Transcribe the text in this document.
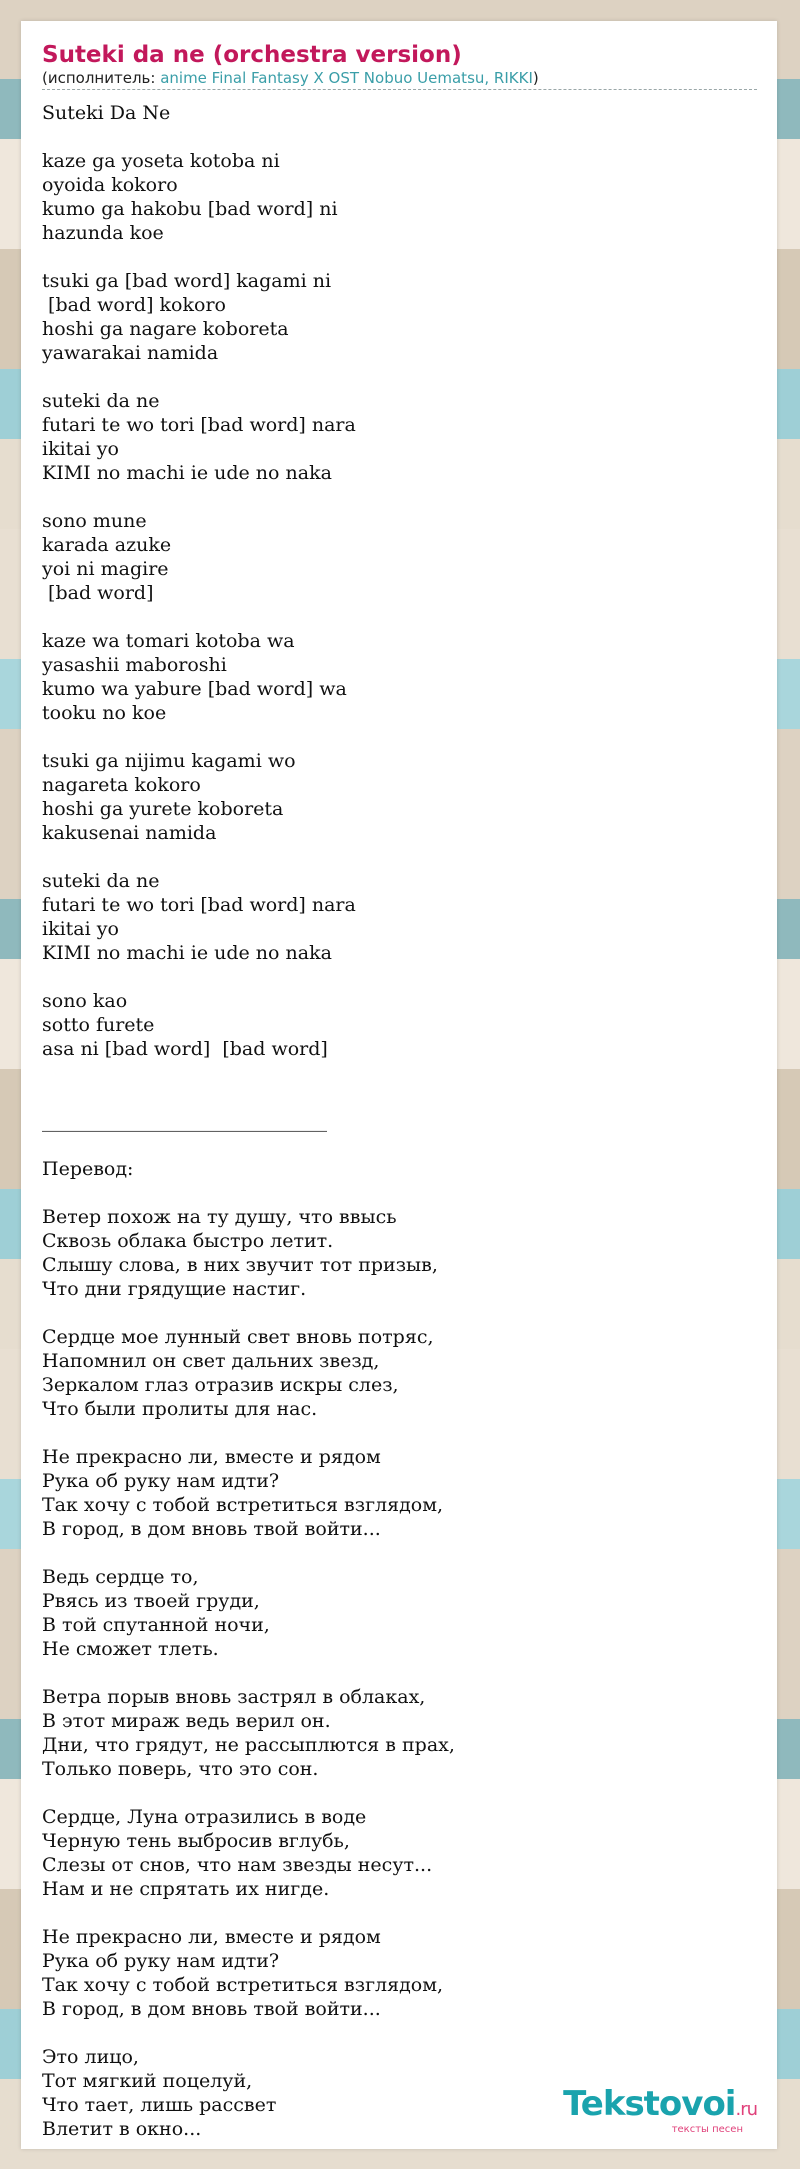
Suteki da ne (orchestra version)
(исполнитель: anime Final Fantasy X OST Nobuo Uematsu, RIKKI)
Suteki Da Ne
kaze ga yoseta kotoba ni
oyoida kokoro
kumo ga hakobu [bad word] ni
hazunda koe
tsuki ga [bad word] kagami ni
[bad word] kokoro
hoshi ga nagare koboreta
yawarakai namida
suteki da ne
futari te wo tori [bad word] nara
ikitai yo
KIMI no machi ie ude no naka
sono mune
karada azuke
yoi ni magire
[bad word]
kaze wa tomari kotoba wa
yasashii maboroshi
kumo wa yabure [bad word] wa
tooku no koe
tsuki ga nijimu kagami wo
nagareta kokoro
hoshi ga yurete koboreta
kakusenai namida
suteki da ne
futari te wo tori [bad word] nara
ikitai yo
KIMI no machi ie ude no naka
sono kao
sotto furete
asa ni [bad word]  [bad word]
______________________________
Перевод:
Ветер похож на ту душу, что ввысь
Сквозь облака быстро летит.
Слышу слова, в них звучит тот призыв,
Что дни грядущие настиг.
Сердце мое лунный свет вновь потряс,
Напомнил он свет дальних звезд,
Зеркалом глаз отразив искры слез,
Что были пролиты для нас.
Не прекрасно ли, вместе и рядом
Рука об руку нам идти?
Так хочу с тобой встретиться взглядом,
В город, в дом вновь твой войти...
Ведь сердце то,
Рвясь из твоей груди,
В той спутанной ночи,
Не сможет тлеть.
Ветра порыв вновь застрял в облаках,
В этот мираж ведь верил он.
Дни, что грядут, не рассыплются в прах,
Только поверь, что это сон.
Сердце, Луна отразились в воде
Черную тень выбросив вглубь,
Слезы от снов, что нам звезды несут...
Нам и не спрятать их нигде.
Не прекрасно ли, вместе и рядом
Рука об руку нам идти?
Так хочу с тобой встретиться взглядом,
В город, в дом вновь твой войти...
Это лицо,
Тот мягкий поцелуй,
Что тает, лишь рассвет
Влетит в окно...
Tekstovoi.ru
тексты песен
